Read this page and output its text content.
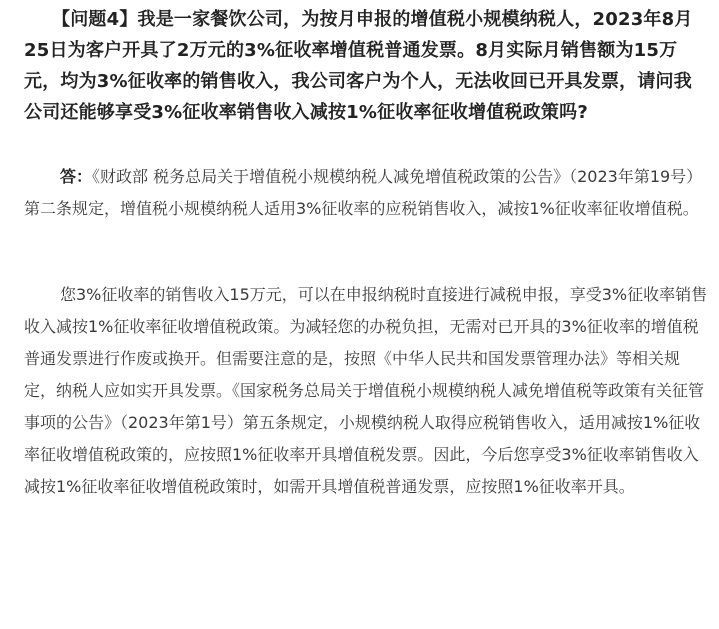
【问题4】我是一家餐饮公司，为按月申报的增值税小规模纳税人，2023年8月25日为客户开具了2万元的3%征收率增值税普通发票。8月实际月销售额为15万元，均为3%征收率的销售收入，我公司客户为个人，无法收回已开具发票，请问我公司还能够享受3%征收率销售收入减按1%征收率征收增值税政策吗?

答：《财政部 税务总局关于增值税小规模纳税人减免增值税政策的公告》（2023年第19号）第二条规定，增值税小规模纳税人适用3%征收率的应税销售收入，减按1%征收率征收增值税。

您3%征收率的销售收入15万元，可以在申报纳税时直接进行减税申报，享受3%征收率销售收入减按1%征收率征收增值税政策。为减轻您的办税负担，无需对已开具的3%征收率的增值税普通发票进行作废或换开。但需要注意的是，按照《中华人民共和国发票管理办法》等相关规定，纳税人应如实开具发票。《国家税务总局关于增值税小规模纳税人减免增值税等政策有关征管事项的公告》（2023年第1号）第五条规定，小规模纳税人取得应税销售收入，适用减按1%征收率征收增值税政策的，应按照1%征收率开具增值税发票。因此，今后您享受3%征收率销售收入减按1%征收率征收增值税政策时，如需开具增值税普通发票，应按照1%征收率开具。
